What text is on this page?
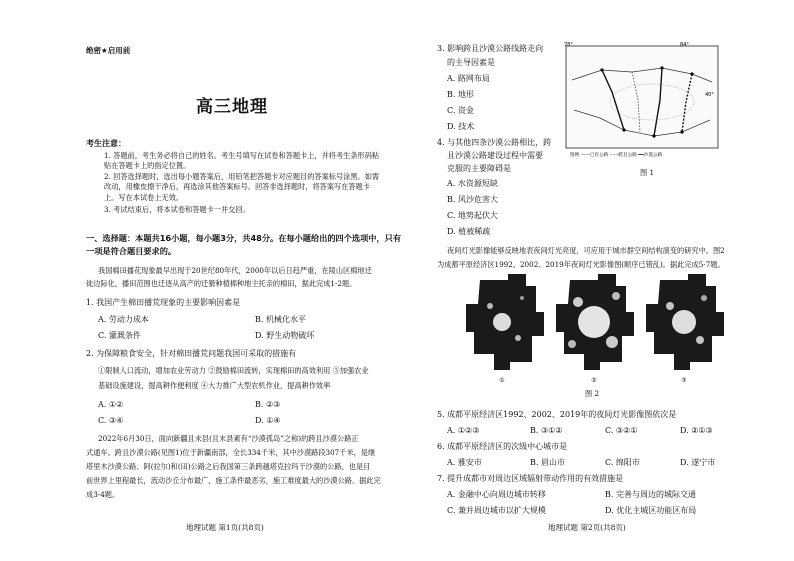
绝密★启用前
高三地理
考生注意：
1. 答题前，考生务必将自己的姓名、考生号填写在试卷和答题卡上，并将考生条形码粘
贴在答题卡上的指定位置。
2. 回答选择题时，选出每小题答案后，用铅笔把答题卡对应题目的答案标号涂黑。如需
改动，用橡皮擦干净后，再选涂其他答案标号。回答非选择题时，将答案写在答题卡
上。写在本试卷上无效。
3. 考试结束后，将本试卷和答题卡一并交回。
一、选择题：本题共16小题，每小题3分，共48分。在每小题给出的四个选项中，只有一项是符合题目要求的。
我国棉田播花现象最早出现于20世纪80年代，2000年以后日趋严重，在陵山区棉地迁
徙边际化，播田范围也迁逐从高产的迁猾种植棉种地主托亲的棉田，据此完成1-2题。
1. 我国产生棉田播荒现象的主要影响因素是
A. 劳动力成本	B. 机械化水平
C. 灌溉条件	D. 野生动物破坏
2. 为保障粮食安全，针对棉田播荒问题我国可采取的措施有
①限制人口流动，增加农业劳动力 ②鼓励棉田流转，实现棉田的高效利用 ③加强农业
基础设施建设，提高耕作便利度 ④大力推广大型农机作业，提高耕作效率
A. ①②	B. ②③
C. ③④	D. ①④
2022年6月30日，面向新疆且未县(且末县素有“沙漠孤岛”之称)的跨且沙漠公路正
式通车。跨且沙漠公路(见图1)位于新疆南部，全长334千米，其中沙漠路段307千米，是继
塔里木沙漠公路、阿(拉尔)和(田)公路之后我国第三条跨越塔克拉玛干沙漠的公路，也是目
前世界上里程最长，流动沙丘分布最广，施工条件最恶劣，施工难度最大的沙漠公路。据此完
成3-4题。
地理试题 第1页(共8页)
3. 影响跨且沙漠公路线路走向
的主导因素是
A. 路网布局
B. 地形
C. 资金
D. 技术
4. 与其他四条沙漠公路相比，跨
且沙漠公路建设过程中需要
克服的主要障碍是
A. 水资源短缺
B. 风沙危害大
C. 地势起伏大
D. 植被稀疏
78°	84°
40°
图例 ——已有公路 ······跨且公路 ━━沙漠公路
图 1
夜间灯光影像能够反映地表夜间灯光亮度，可应用于城市群空间结构演变的研究中。图2
为成都平原经济区1992、2002、2019年夜间灯光影像图(顺序已错乱)。据此完成5-7题。
①	②	③
图 2
5. 成都平原经济区1992、2002、2019年的夜间灯光影像图依次是
A. ①②③	B. ③①②	C. ③②①	D. ②①③
6. 成都平原经济区的次级中心城市是
A. 雅安市	B. 眉山市	C. 绵阳市	D. 遂宁市
7. 提升成都市对周边区域辐射带动作用的有效措施是
A. 金融中心向周边城市转移	B. 完善与周边的城际交通
C. 兼并周边城市以扩大规模	D. 优化主城区功能区布局
地理试题 第2页(共8页)
